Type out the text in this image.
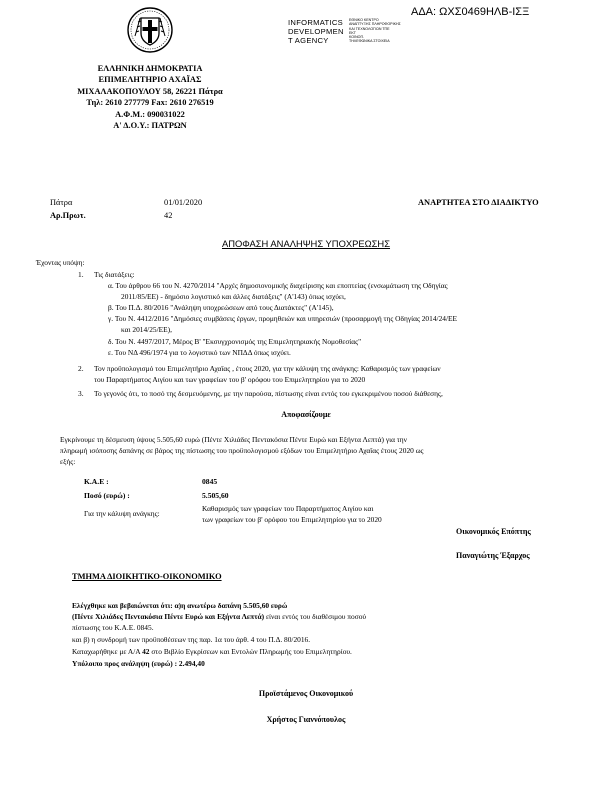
ΑΔΑ: ΩΧΣ0469ΗΛΒ-ΙΣΞ
INFORMATICS
DEVELOPMEN
T AGENCY
ΕΘΝΙΚΟ ΚΕΝΤΡΟ
ΑΝΑΠΤΥΞΗΣ ΠΛΗΡΟΦΟΡΙΚΗΣ
ΚΑΙ ΤΕΧΝΟΛΟΓΙΩΝ ΤΠΕ
ΕΚΤ
ΚΟΙΝΟΠ.
ΤΗΛΕΦΩΝΙΚΑ ΣΤΟΙΧΕΙΑ
ΕΛΛΗΝΙΚΗ ΔΗΜΟΚΡΑΤΙΑ
ΕΠΙΜΕΛΗΤΗΡΙΟ ΑΧΑΪΑΣ
ΜΙΧΑΛΑΚΟΠΟΥΛΟΥ 58, 26221 Πάτρα
Τηλ: 2610 277779 Fax: 2610 276519
Α.Φ.Μ.: 090031022
Α' Δ.Ο.Υ.: ΠΑΤΡΩΝ
Πάτρα	01/01/2020	ΑΝΑΡΤΗΤΕΑ ΣΤΟ ΔΙΑΔΙΚΤΥΟ
Αρ.Πρωτ.	42
ΑΠΟΦΑΣΗ ΑΝΑΛΗΨΗΣ ΥΠΟΧΡΕΩΣΗΣ
Έχοντας υπόψη:
1. Τις διατάξεις:
α. Του άρθρου 66 του Ν. 4270/2014 "Αρχές δημοσιονομικής διαχείρισης και εποπτείας (ενσωμάτωση της Οδηγίας
2011/85/ΕΕ) - δημόσιο λογιστικό και άλλες διατάξεις" (Α'143) όπως ισχύει,
β. Του Π.Δ. 80/2016 "Ανάληψη υποχρεώσεων από τους Διατάκτες" (Α'145),
γ. Του Ν. 4412/2016 "Δημόσιες συμβάσεις έργων, προμηθειών και υπηρεσιών (προσαρμογή της Οδηγίας 2014/24/ΕΕ
και 2014/25/ΕΕ),
δ. Του Ν. 4497/2017, Μέρος Β' "Εκσυγχρονισμός της Επιμελητηριακής Νομοθεσίας"
ε. Του ΝΔ 496/1974 για το λογιστικό των ΝΠΔΔ όπως ισχύει.
2. Τον προϋπολογισμό του Επιμελητήριο Αχαΐας , έτους 2020, για την κάλυψη της ανάγκης: Καθαρισμός των γραφείων
του Παραρτήματος Αιγίου και των γραφείων του β' ορόφου του Επιμελητηρίου για το 2020
3. Το γεγονός ότι, το ποσό της δεσμευόμενης, με την παρούσα, πίστωσης είναι εντός του εγκεκριμένου ποσού διάθεσης,
Αποφασίζουμε
Εγκρίνουμε τη δέσμευση ύψους 5.505,60 ευρώ (Πέντε Χιλιάδες Πεντακόσια Πέντε Ευρώ και Εξήντα Λεπτά) για την
πληρωμή ισόποσης δαπάνης σε βάρος της πίστωσης του προϋπολογισμού εξόδων του Επιμελητήριο Αχαΐας έτους 2020 ως
εξής:
Κ.Α.Ε :	0845
Ποσό (ευρώ) :	5.505,60
Για την κάλυψη ανάγκης:
Καθαρισμός των γραφείων του Παραρτήματος Αιγίου και
των γραφείων του β' ορόφου του Επιμελητηρίου για το 2020
Οικονομικός Επόπτης
Παναγιώτης Έξαρχος
ΤΜΗΜΑ ΔΙΟΙΚΗΤΙΚΟ-ΟΙΚΟΝΟΜΙΚΟ
Ελέγχθηκε και βεβαιώνεται ότι: α)η ανωτέρω δαπάνη 5.505,60 ευρώ
(Πέντε Χιλιάδες Πεντακόσια Πέντε Ευρώ και Εξήντα Λεπτά) είναι εντός του διαθέσιμου ποσού
πίστωσης του Κ.Α.Ε. 0845.
και β) η συνδρομή των προϋποθέσεων της παρ. 1α του άρθ. 4 του Π.Δ. 80/2016.
Καταχωρήθηκε με Α/Α 42 στο Βιβλίο Εγκρίσεων και Εντολών Πληρωμής του Επιμελητηρίου.
Υπόλοιπο προς ανάληψη (ευρώ) : 2.494,40
Προϊστάμενος Οικονομικού
Χρήστος Γιαννόπουλος
